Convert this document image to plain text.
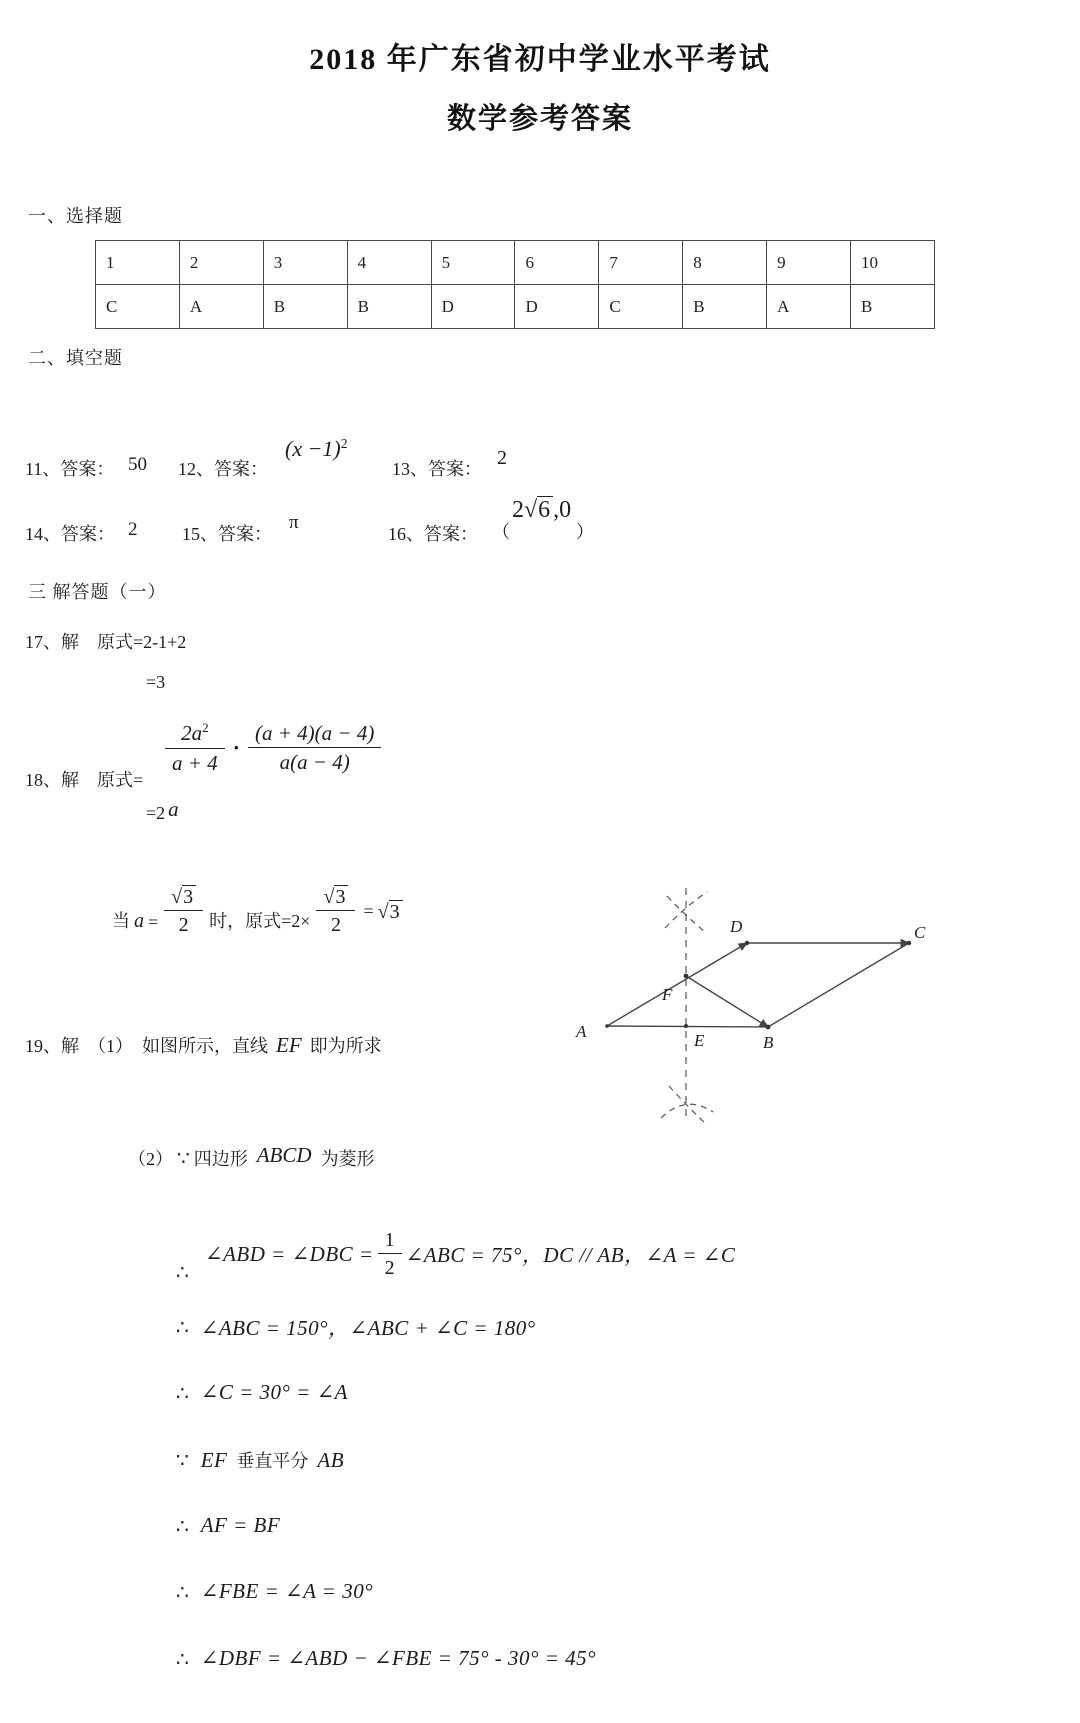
2018 年广东省初中学业水平考试
数学参考答案
一、选择题
1	2	3	4	5	6	7	8	9	10
C	A	B	B	D	D	C	B	A	B
二、填空题
11、答案： 50 12、答案：
(x −1)2
13、答案： 2
14、答案： 2 15、答案：
π
16、答案： （
2√6 ,0
）
三 解答题（一）
17、解　原式=2-1+2
=3
18、解　原式=
$\frac{2a^2}{a + 4} \cdot \frac{(a + 4)(a - 4)}{a(a - 4)}$
=2 a
当 $a = \frac{√3}{2}$ 时，原式$=2\times \frac{√3}{2} = √3$
A
B
C
D
E
F
19、解　（1）　如图所示，直线 EF 即为所求
（2） ∵ 四边形 ABCD 为菱形
∴
∠ABD = ∠DBC = $\frac{1}{2}$ ∠ABC = 75°，DC // AB，∠A = ∠C
∴ ∠ABC = 150°，∠ABC + ∠C = 180°
∴ ∠C = 30° = ∠A
∵ EF 垂直平分 AB
∴ AF = BF
∴ ∠FBE = ∠A = 30°
∴ ∠DBF = ∠ABD − ∠FBE = 75° - 30° = 45°
